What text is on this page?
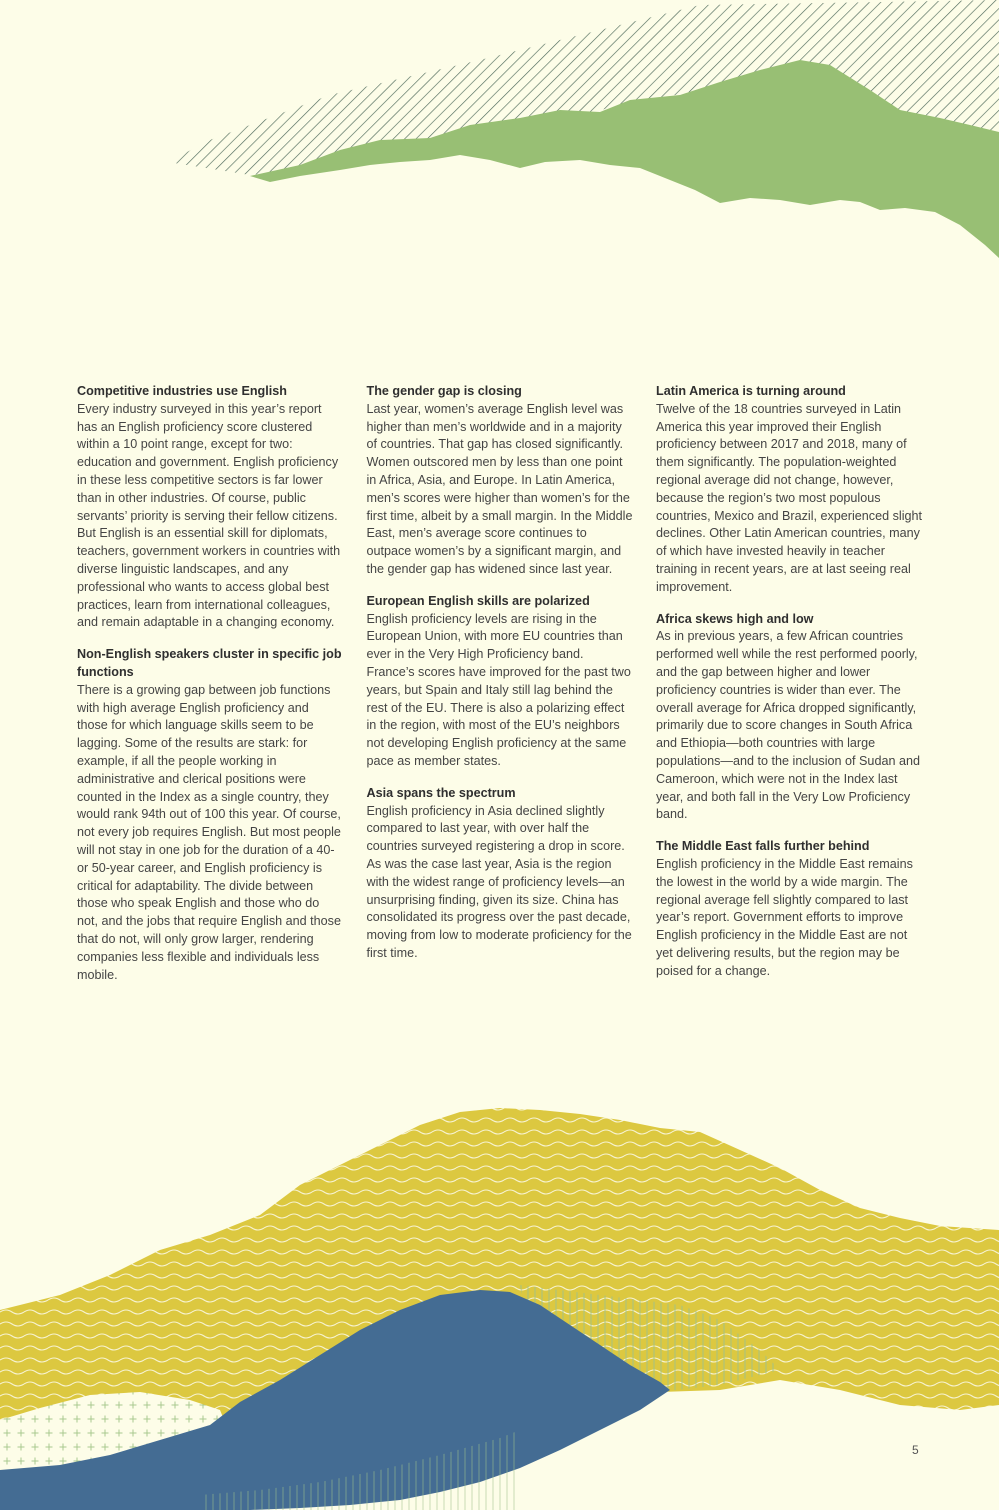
Competitive industries use English

Every industry surveyed in this year’s report has an English proficiency score clustered within a 10 point range, except for two: education and government. English proficiency in these less competitive sectors is far lower than in other industries. Of course, public servants’ priority is serving their fellow citizens. But English is an essential skill for diplomats, teachers, government workers in countries with diverse linguistic landscapes, and any professional who wants to access global best practices, learn from international colleagues, and remain adaptable in a changing economy.

Non-English speakers cluster in specific job functions

There is a growing gap between job functions with high average English proficiency and those for which language skills seem to be lagging. Some of the results are stark: for example, if all the people working in administrative and clerical positions were counted in the Index as a single country, they would rank 94th out of 100 this year. Of course, not every job requires English. But most people will not stay in one job for the duration of a 40- or 50-year career, and English proficiency is critical for adaptability. The divide between those who speak English and those who do not, and the jobs that require English and those that do not, will only grow larger, rendering companies less flexible and individuals less mobile.

The gender gap is closing

Last year, women’s average English level was higher than men’s worldwide and in a majority of countries. That gap has closed significantly. Women outscored men by less than one point in Africa, Asia, and Europe. In Latin America, men’s scores were higher than women’s for the first time, albeit by a small margin. In the Middle East, men’s average score continues to outpace women’s by a significant margin, and the gender gap has widened since last year.

European English skills are polarized

English proficiency levels are rising in the European Union, with more EU countries than ever in the Very High Proficiency band. France’s scores have improved for the past two years, but Spain and Italy still lag behind the rest of the EU. There is also a polarizing effect in the region, with most of the EU’s neighbors not developing English proficiency at the same pace as member states.

Asia spans the spectrum

English proficiency in Asia declined slightly compared to last year, with over half the countries surveyed registering a drop in score. As was the case last year, Asia is the region with the widest range of proficiency levels—an unsurprising finding, given its size. China has consolidated its progress over the past decade, moving from low to moderate proficiency for the first time.

Latin America is turning around

Twelve of the 18 countries surveyed in Latin America this year improved their English proficiency between 2017 and 2018, many of them significantly. The population-weighted regional average did not change, however, because the region’s two most populous countries, Mexico and Brazil, experienced slight declines. Other Latin American countries, many of which have invested heavily in teacher training in recent years, are at last seeing real improvement.

Africa skews high and low

As in previous years, a few African countries performed well while the rest performed poorly, and the gap between higher and lower proficiency countries is wider than ever. The overall average for Africa dropped significantly, primarily due to score changes in South Africa and Ethiopia—both countries with large populations—and to the inclusion of Sudan and Cameroon, which were not in the Index last year, and both fall in the Very Low Proficiency band.

The Middle East falls further behind

English proficiency in the Middle East remains the lowest in the world by a wide margin. The regional average fell slightly compared to last year’s report. Government efforts to improve English proficiency in the Middle East are not yet delivering results, but the region may be poised for a change.

5
